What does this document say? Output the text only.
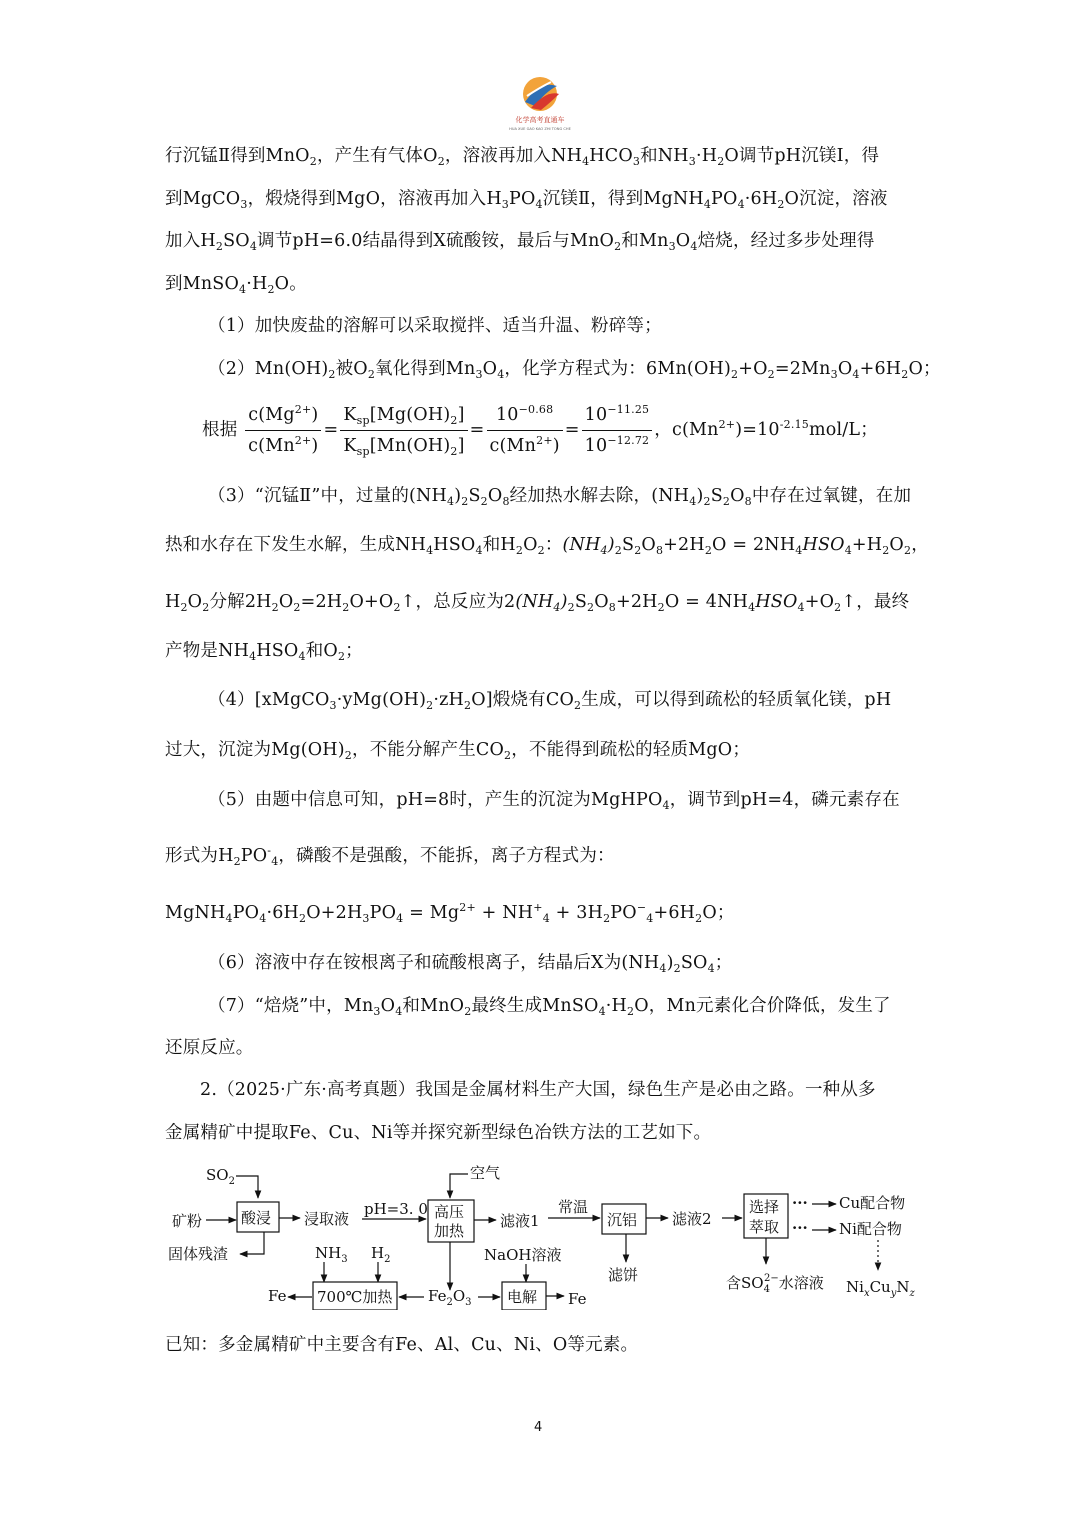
化学高考直通车
HUA XUE GAO KAO ZHI TONG CHE
行沉锰Ⅱ得到MnO$_2$，产生有气体$O_2$，溶液再加入$NH_4HCO_3$和$NH_3\cdot H_2O$调节pH沉镁Ⅰ，得
到MgCO$_3$，煅烧得到MgO，溶液再加入$H_3PO_4$沉镁Ⅱ，得到$MgNH_4PO_4\cdot 6H_2O$沉淀，溶液
加入$H_2SO_4$调节pH=6.0结晶得到X硫酸铵，最后与MnO$_2$和$Mn_3O_4$焙烧，经过多步处理得
到$MnSO_4\cdot H_2O$。
（1）加快废盐的溶解可以采取搅拌、适当升温、粉碎等；
$(2)Mn(OH)_2$被$O_2$氧化得到$Mn_3O_4$，化学方程式为：$6Mn(OH)_2+O_2=2Mn_3O_4+6H_2O$；
根据 $\frac{c(Mg^{2+})}{c(Mn^{2+})} = \frac{K_{sp}[Mg(OH)_2]}{K_{sp}[Mn(OH)_2]} = \frac{10^{-0.68}}{c(Mn^{2+})} = \frac{10^{-11.25}}{10^{-12.72}}$ ，$c(Mn^{2+})=10^{-2.15}mol/L$；
（3）“沉锰Ⅱ”中，过量的$(NH_4)_2S_2O_8$经加热水解去除，$(NH_4)_2S_2O_8$中存在过氧键，在加
热和水存在下发生水解，生成$NH_4HSO_4$和$H_2O_2$：$(NH_4)_2S_2O_8+2H_2O = 2NH_4HSO_4+H_2O_2$，
$H_2O_2$分解$2H_2O_2=2H_2O+O_2↑$，总反应为$2(NH_4)_2S_2O_8+2H_2O$ = $4NH_4HSO_4+O_2↑$，最终
产物是$NH_4HSO_4$和$O_2$；
$(4)[xMgCO_3\cdot yMg(OH)_2\cdot zH_2O]$煅烧有$CO_2$生成，可以得到疏松的轻质氧化镁，pH
过大，沉淀为$Mg(OH)_2$，不能分解产生$CO_2$，不能得到疏松的轻质MgO；
（5）由题中信息可知，pH=8时，产生的沉淀为MgHPO$_4$，调节到pH=4，磷元素存在
形式为$H_2PO^-_4$，磷酸不是强酸，不能拆，离子方程式为：
$MgNH_4PO_4\cdot 6H_2O+2H_3PO_4 = Mg^{2+} + NH^+_4 + 3H_2PO^-_4+6H_2O$；
（6）溶液中存在铵根离子和硫酸根离子，结晶后X为$(NH_4)_2SO_4$；
（7）“焙烧”中，$Mn_3O_4$和MnO$_2$最终生成$MnSO_4\cdot H_2O$，Mn元素化合价降低，发生了
还原反应。
2.（2025·广东·高考真题）我国是金属材料生产大国，绿色生产是必由之路。一种从多
金属精矿中提取Fe、Cu、Ni等并探究新型绿色冶铁方法的工艺如下。
$SO_2$	空气
矿粉	酸浸 浸取液
pH=3. 0 高压
加热
滤液1
常温
沉铝 滤液2
选择
萃取
··· Cu配合物
··· Ni配合物
固体残渣	$NH_3$ $H_2$	NaOH溶液
滤饼	含$SO_42-$水溶液 $Ni_xCu_yN_z$
Fe 700℃加热 $Fe_2O_3$ 电解 Fe
已知：多金属精矿中主要含有Fe、Al、Cu、Ni、O等元素。
4
